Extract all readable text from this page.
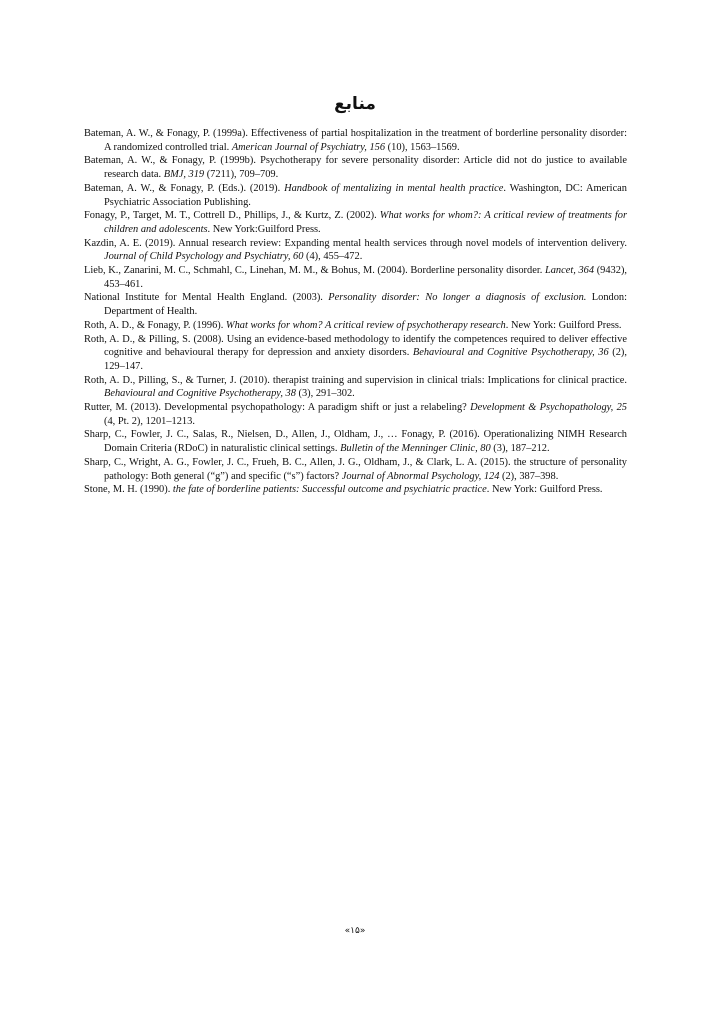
منابع

Bateman, A. W., & Fonagy, P. (1999a). Effectiveness of partial hospitalization in the treatment of borderline personality disorder: A randomized controlled trial. American Journal of Psychiatry, 156 (10), 1563–1569.

Bateman, A. W., & Fonagy, P. (1999b). Psychotherapy for severe personality disorder: Article did not do justice to available research data. BMJ, 319 (7211), 709–709.

Bateman, A. W., & Fonagy, P. (Eds.). (2019). Handbook of mentalizing in mental health practice. Washington, DC: American Psychiatric Association Publishing.

Fonagy, P., Target, M. T., Cottrell D., Phillips, J., & Kurtz, Z. (2002). What works for whom?: A critical review of treatments for children and adolescents. New York:Guilford Press.

Kazdin, A. E. (2019). Annual research review: Expanding mental health services through novel models of intervention delivery. Journal of Child Psychology and Psychiatry, 60 (4), 455–472.

Lieb, K., Zanarini, M. C., Schmahl, C., Linehan, M. M., & Bohus, M. (2004). Borderline personality disorder. Lancet, 364 (9432), 453–461.

National Institute for Mental Health England. (2003). Personality disorder: No longer a diagnosis of exclusion. London: Department of Health.

Roth, A. D., & Fonagy, P. (1996). What works for whom? A critical review of psychotherapy research. New York: Guilford Press.

Roth, A. D., & Pilling, S. (2008). Using an evidence-based methodology to identify the competences required to deliver effective cognitive and behavioural therapy for depression and anxiety disorders. Behavioural and Cognitive Psychotherapy, 36 (2), 129–147.

Roth, A. D., Pilling, S., & Turner, J. (2010). therapist training and supervision in clinical trials: Implications for clinical practice. Behavioural and Cognitive Psychotherapy, 38 (3), 291–302.

Rutter, M. (2013). Developmental psychopathology: A paradigm shift or just a relabeling? Development & Psychopathology, 25 (4, Pt. 2), 1201–1213.

Sharp, C., Fowler, J. C., Salas, R., Nielsen, D., Allen, J., Oldham, J., … Fonagy, P. (2016). Operationalizing NIMH Research Domain Criteria (RDoC) in naturalistic clinical settings. Bulletin of the Menninger Clinic, 80 (3), 187–212.

Sharp, C., Wright, A. G., Fowler, J. C., Frueh, B. C., Allen, J. G., Oldham, J., & Clark, L. A. (2015). the structure of personality pathology: Both general (“g”) and specific (“s”) factors? Journal of Abnormal Psychology, 124 (2), 387–398.

Stone, M. H. (1990). the fate of borderline patients: Successful outcome and psychiatric practice. New York: Guilford Press.

«۱۵»
